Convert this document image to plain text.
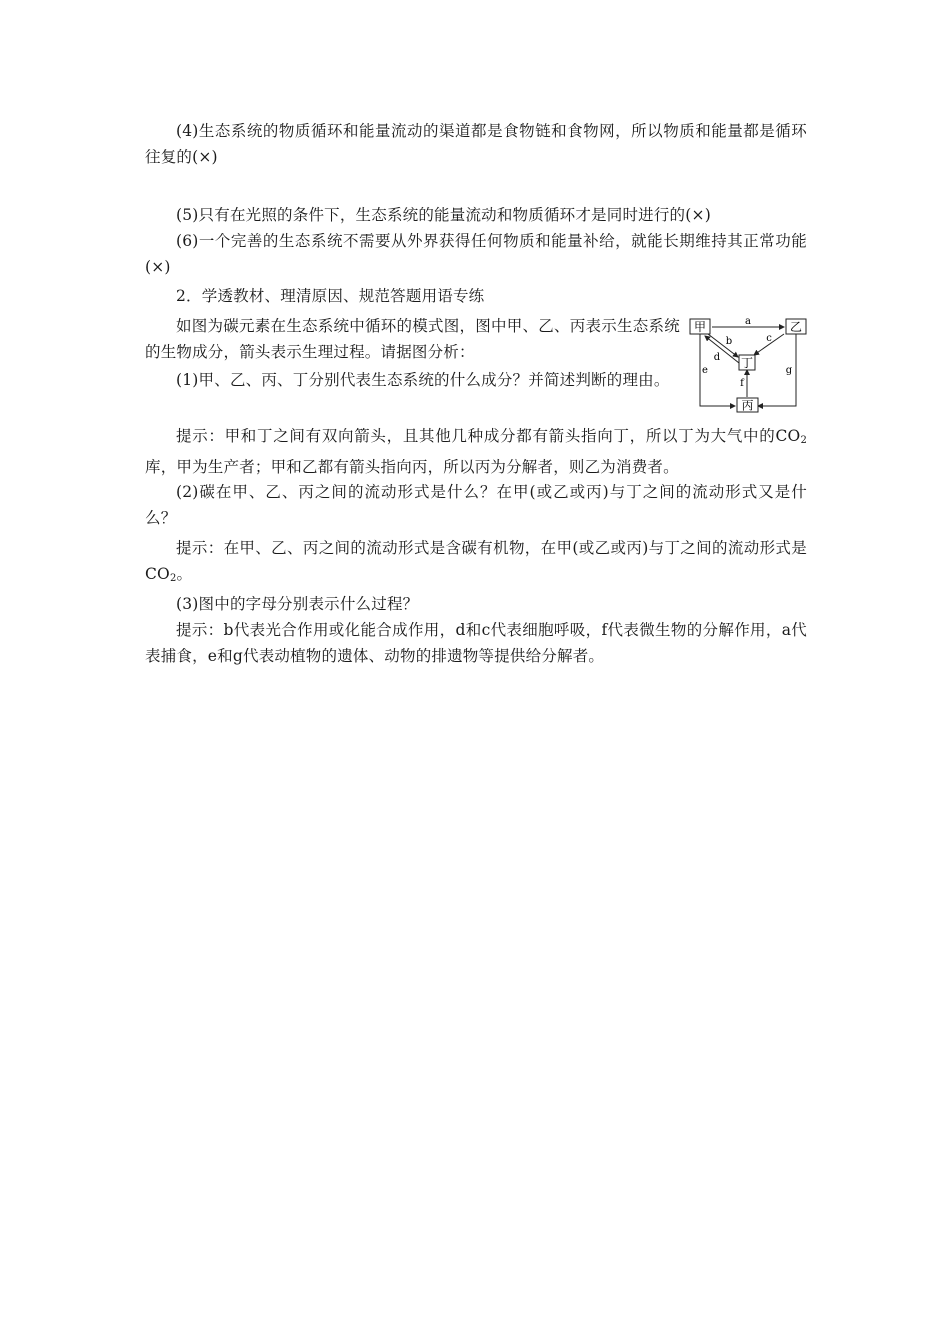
(4)生态系统的物质循环和能量流动的渠道都是食物链和食物网，所以物质和能量都是循环往复的(×)

(5)只有在光照的条件下，生态系统的能量流动和物质循环才是同时进行的(×)

(6)一个完善的生态系统不需要从外界获得任何物质和能量补给，就能长期维持其正常功能(×)

2．学透教材、理清原因、规范答题用语专练

如图为碳元素在生态系统中循环的模式图，图中甲、乙、丙表示生态系统的生物成分，箭头表示生理过程。请据图分析：

(1)甲、乙、丙、丁分别代表生态系统的什么成分？并简述判断的理由。

提示：甲和丁之间有双向箭头，且其他几种成分都有箭头指向丁，所以丁为大气中的$CO_2$库，甲为生产者；甲和乙都有箭头指向丙，所以丙为分解者，则乙为消费者。

(2)碳在甲、乙、丙之间的流动形式是什么？在甲(或乙或丙)与丁之间的流动形式又是什么？

提示：在甲、乙、丙之间的流动形式是含碳有机物，在甲(或乙或丙)与丁之间的流动形式是$CO_2$。

(3)图中的字母分别表示什么过程？

提示：b代表光合作用或化能合成作用，d和c代表细胞呼吸，f代表微生物的分解作用，a代表捕食，e和g代表动植物的遗体、动物的排遗物等提供给分解者。

a
b
d
c
f
e	g
甲	乙
丁
丙
